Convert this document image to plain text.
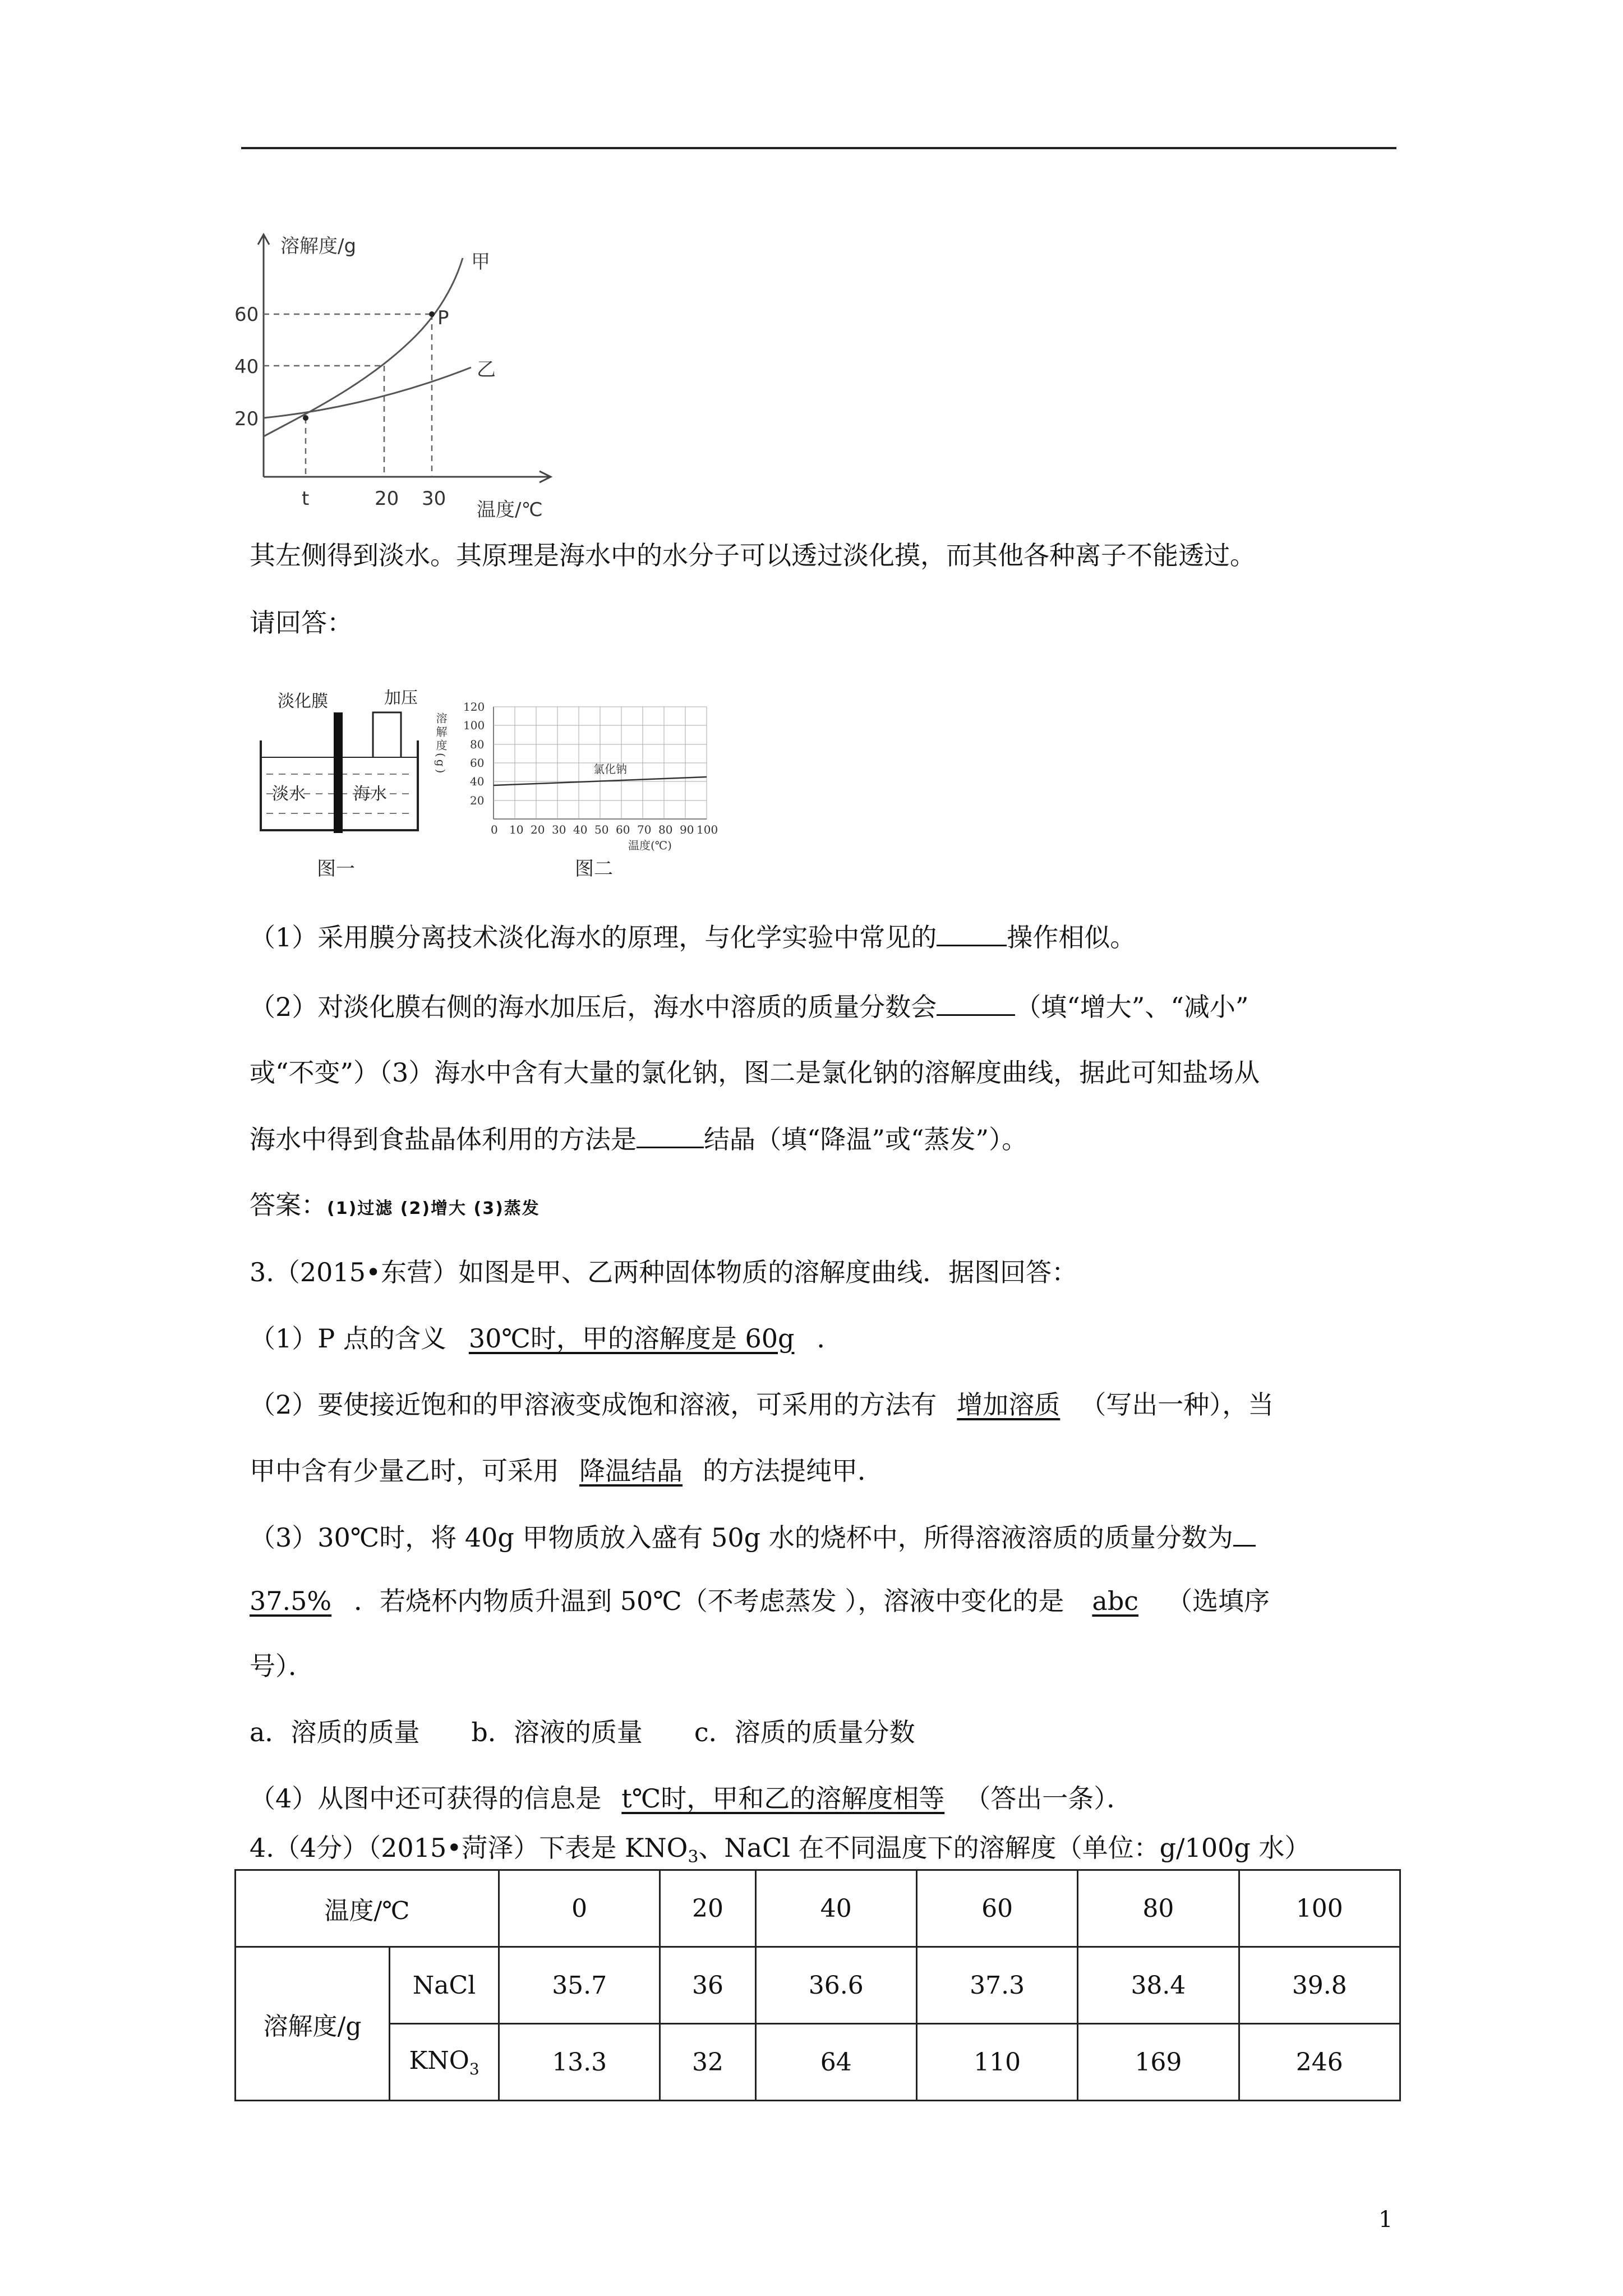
溶解度/g
甲
乙
P
20
40
60
t	20 30 温度/℃
其左侧得到淡水。其原理是海水中的水分子可以透过淡化摸，而其他各种离子不能透过。
请回答：
淡化膜	加压
淡水	海水
图一
溶解度(g)
20
40
60
80
100
120
0 10 20 30 40 50 60 70 80 90 100
温度(℃)
氯化钠
图二
（1）采用膜分离技术淡化海水的原理，与化学实验中常见的	操作相似。
（2）对淡化膜右侧的海水加压后，海水中溶质的质量分数会	（填“增大”、“减小”
或“不变”）（3）海水中含有大量的氯化钠，图二是氯化钠的溶解度曲线，据此可知盐场从
海水中得到食盐晶体利用的方法是	结晶（填“降温”或“蒸发”）。
答案：(1)过滤 (2)增大 (3)蒸发
3.（2015•东营）如图是甲、乙两种固体物质的溶解度曲线．据图回答：
（1）P 点的含义 30℃时，甲的溶解度是 60g ．
（2）要使接近饱和的甲溶液变成饱和溶液，可采用的方法有 增加溶质 （写出一种），当
甲中含有少量乙时，可采用 降温结晶 的方法提纯甲．
（3）30℃时，将 40g 甲物质放入盛有 50g 水的烧杯中，所得溶液溶质的质量分数为
37.5% ．若烧杯内物质升温到 50℃（不考虑蒸发 ），溶液中变化的是 abc （选填序
号）．
a．溶质的质量　　b．溶液的质量　　c．溶质的质量分数
（4）从图中还可获得的信息是 t℃时，甲和乙的溶解度相等 （答出一条）．
4.（4分）（2015•菏泽）下表是 $KNO_3$、NaCl 在不同温度下的溶解度（单位：g/100g 水）
温度/℃		0	20	40	60	80	100
溶解度/g	NaCl	35.7	36	36.6	37.3	38.4	39.8
	$KNO_3$	13.3	32	64	110	169	246
1
